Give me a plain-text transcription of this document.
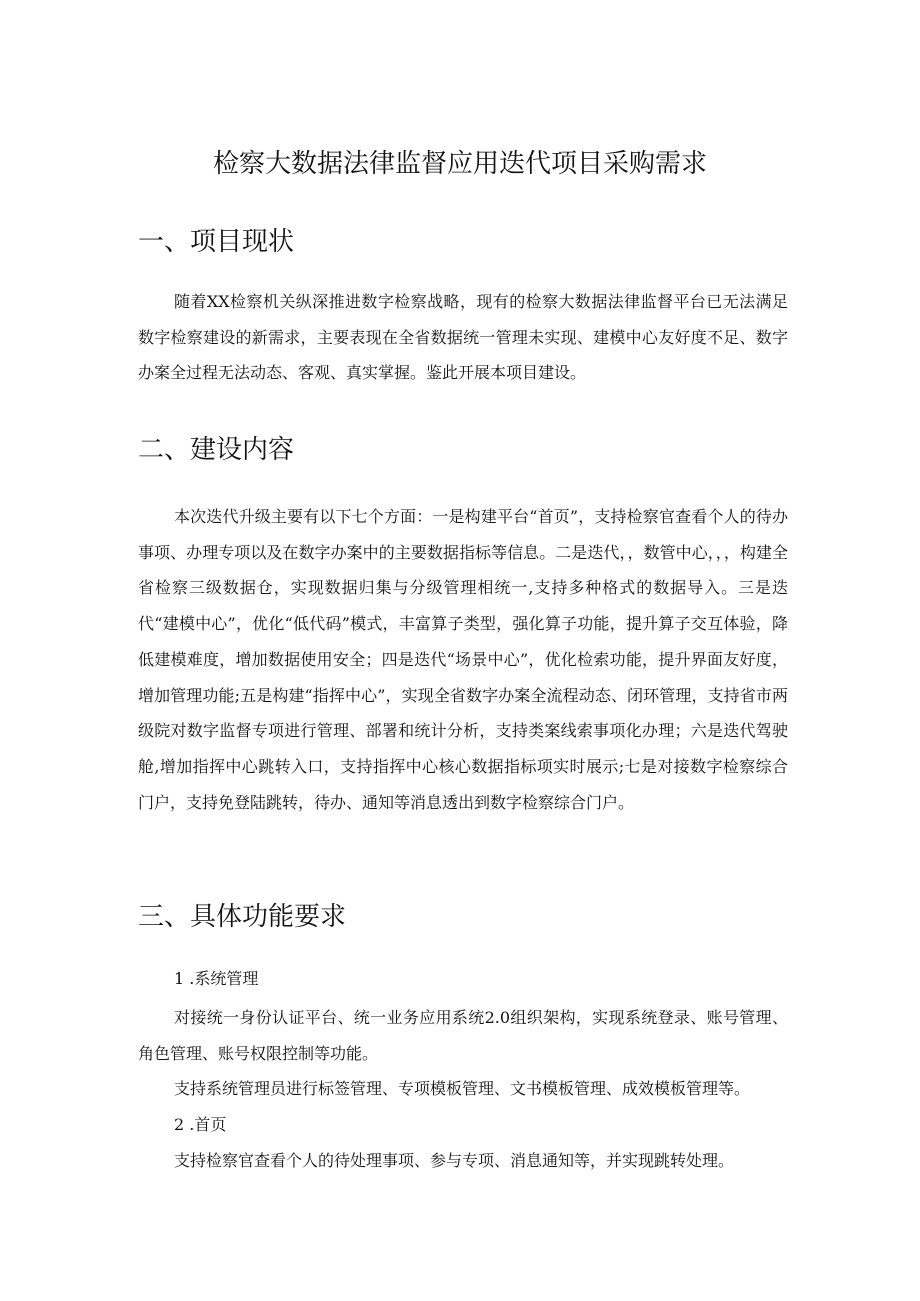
检察大数据法律监督应用迭代项目采购需求
一、项目现状

随着XX检察机关纵深推进数字检察战略，现有的检察大数据法律监督平台已无法满足数字检察建设的新需求，主要表现在全省数据统一管理未实现、建模中心友好度不足、数字办案全过程无法动态、客观、真实掌握。鉴此开展本项目建设。

二、建设内容

本次迭代升级主要有以下七个方面：一是构建平台“首页”，支持检察官查看个人的待办事项、办理专项以及在数字办案中的主要数据指标等信息。二是迭代，，数管中心，，，构建全省检察三级数据仓，实现数据归集与分级管理相统一,支持多种格式的数据导入。三是迭代“建模中心”，优化“低代码”模式，丰富算子类型，强化算子功能，提升算子交互体验，降低建模难度，增加数据使用安全；四是迭代“场景中心”，优化检索功能，提升界面友好度，增加管理功能;五是构建“指挥中心”，实现全省数字办案全流程动态、闭环管理，支持省市两级院对数字监督专项进行管理、部署和统计分析，支持类案线索事项化办理；六是迭代驾驶舱,增加指挥中心跳转入口，支持指挥中心核心数据指标项实时展示;七是对接数字检察综合门户，支持免登陆跳转，待办、通知等消息透出到数字检察综合门户。

三、具体功能要求

1 .系统管理

对接统一身份认证平台、统一业务应用系统2.0组织架构，实现系统登录、账号管理、角色管理、账号权限控制等功能。

支持系统管理员进行标签管理、专项模板管理、文书模板管理、成效模板管理等。

2 .首页

支持检察官查看个人的待处理事项、参与专项、消息通知等，并实现跳转处理。
